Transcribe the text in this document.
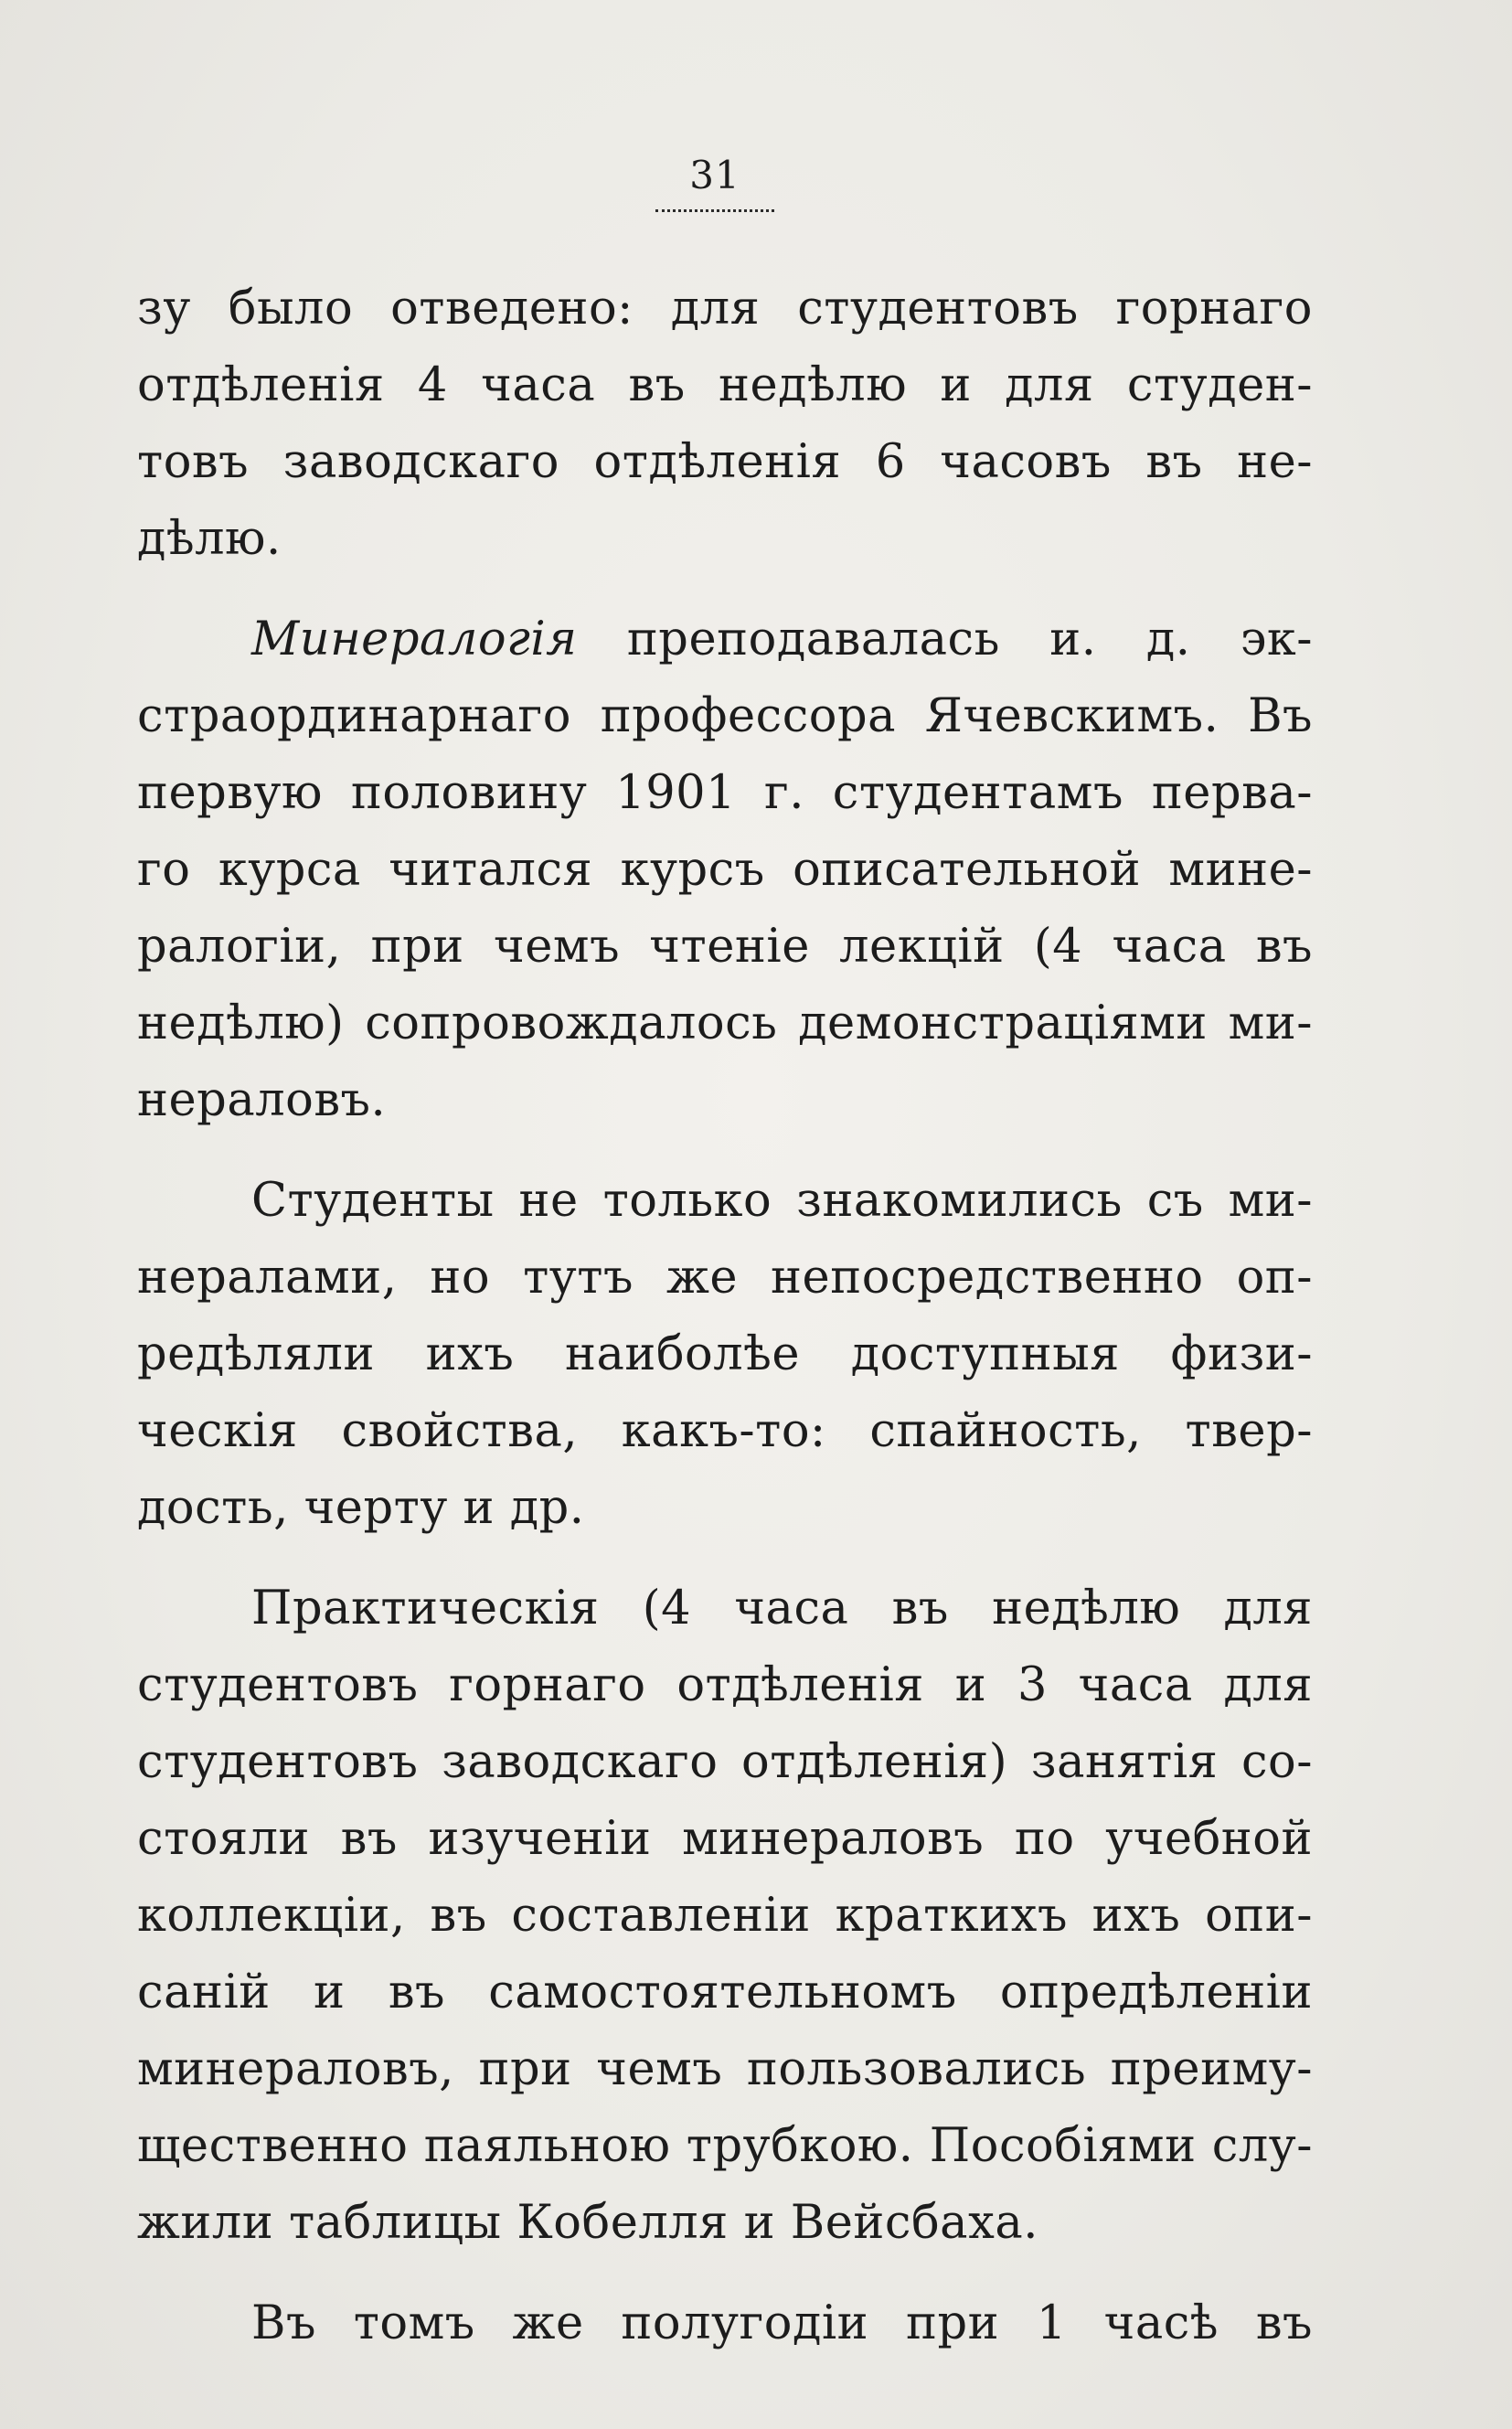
31
зу было отведено: для студентовъ горнаго
отдѣленія 4 часа въ недѣлю и для студен-
товъ заводскаго отдѣленія 6 часовъ въ не-
дѣлю.
Минералогія преподавалась и. д. эк-
страординарнаго профессора Ячевскимъ. Въ
первую половину 1901 г. студентамъ перва-
го курса читался курсъ описательной мине-
ралогіи, при чемъ чтеніе лекцій (4 часа въ
недѣлю) сопровождалось демонстраціями ми-
нераловъ.
Студенты не только знакомились съ ми-
нералами, но тутъ же непосредственно оп-
редѣляли ихъ наиболѣе доступныя физи-
ческія свойства, какъ-то: спайность, твер-
дость, черту и др.
Практическія (4 часа въ недѣлю для
студентовъ горнаго отдѣленія и 3 часа для
студентовъ заводскаго отдѣленія) занятія со-
стояли въ изученіи минераловъ по учебной
коллекціи, въ составленіи краткихъ ихъ опи-
саній и въ самостоятельномъ опредѣленіи
минераловъ, при чемъ пользовались преиму-
щественно паяльною трубкою. Пособіями слу-
жили таблицы Кобелля и Вейсбаха.
Въ томъ же полугодіи при 1 часѣ въ
